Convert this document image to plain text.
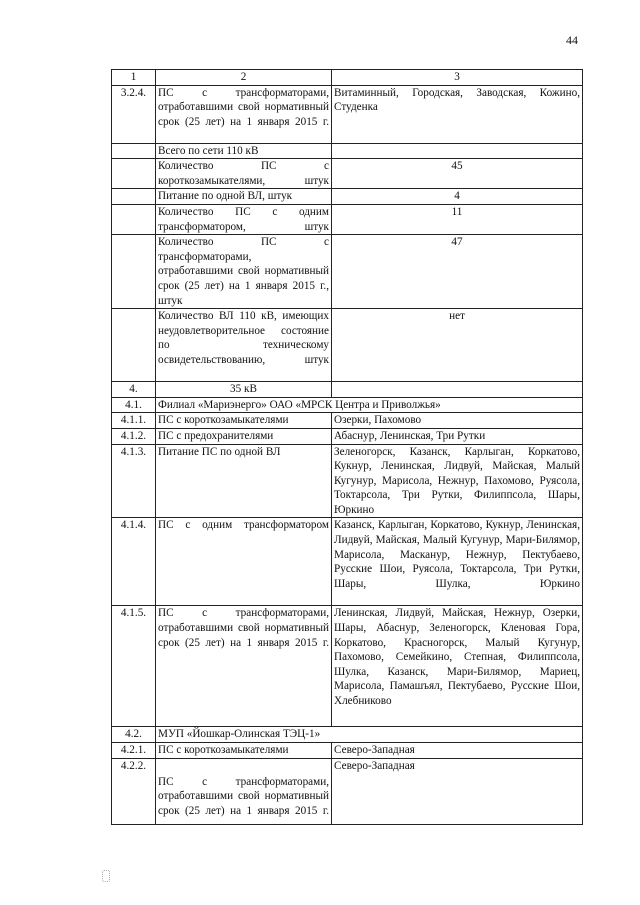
44
1	2	3
3.2.4.	ПС с трансформаторами, отработавшими свой нормативный срок (25 лет) на 1 января 2015 г.	Витаминный, Городская, Заводская, Кожино, Студенка
	Всего по сети 110 кВ	
	Количество ПС с короткозамыкателями, штук	45
	Питание по одной ВЛ, штук	4
	Количество ПС с одним трансформатором, штук	11
	Количество ПС с трансформаторами, отработавшими свой нормативный срок (25 лет) на 1 января 2015 г., штук	47
	Количество ВЛ 110 кВ, имеющих неудовлетворительное состояние по техническому освидетельствованию, штук	нет
4.	35 кВ	
4.1.	Филиал «Мариэнерго» ОАО «МРСК Центра и Приволжья»	
4.1.1.	ПС с короткозамыкателями	Озерки, Пахомово
4.1.2.	ПС с предохранителями	Абаснур, Ленинская, Три Рутки
4.1.3.	Питание ПС по одной ВЛ	Зеленогорск, Казанск, Карлыган, Коркатово, Кукнур, Ленинская, Лидвуй, Майская, Малый Кугунур, Марисола, Нежнур, Пахомово, Руясола, Токтарсола, Три Рутки, Филиппсола, Шары, Юркино
4.1.4.	ПС с одним трансформатором	Казанск, Карлыган, Коркатово, Кукнур, Ленинская, Лидвуй, Майская, Малый Кугунур, Мари-Билямор, Марисола, Масканур, Нежнур, Пектубаево, Русские Шои, Руясола, Токтарсола, Три Рутки, Шары, Шулка, Юркино
4.1.5.	ПС с трансформаторами, отработавшими свой нормативный срок (25 лет) на 1 января 2015 г.	Ленинская, Лидвуй, Майская, Нежнур, Озерки, Шары, Абаснур, Зеленогорск, Кленовая Гора, Коркатово, Красногорск, Малый Кугунур, Пахомово, Семейкино, Степная, Филиппсола, Шулка, Казанск, Мари-Билямор, Мариец, Марисола, Памашъял, Пектубаево, Русские Шои, Хлебниково
4.2.	МУП «Йошкар-Олинская ТЭЦ-1»	
4.2.1.	ПС с короткозамыкателями	Северо-Западная
4.2.2.	ПС с трансформаторами, отработавшими свой нормативный срок (25 лет) на 1 января 2015 г.	Северо-Западная
